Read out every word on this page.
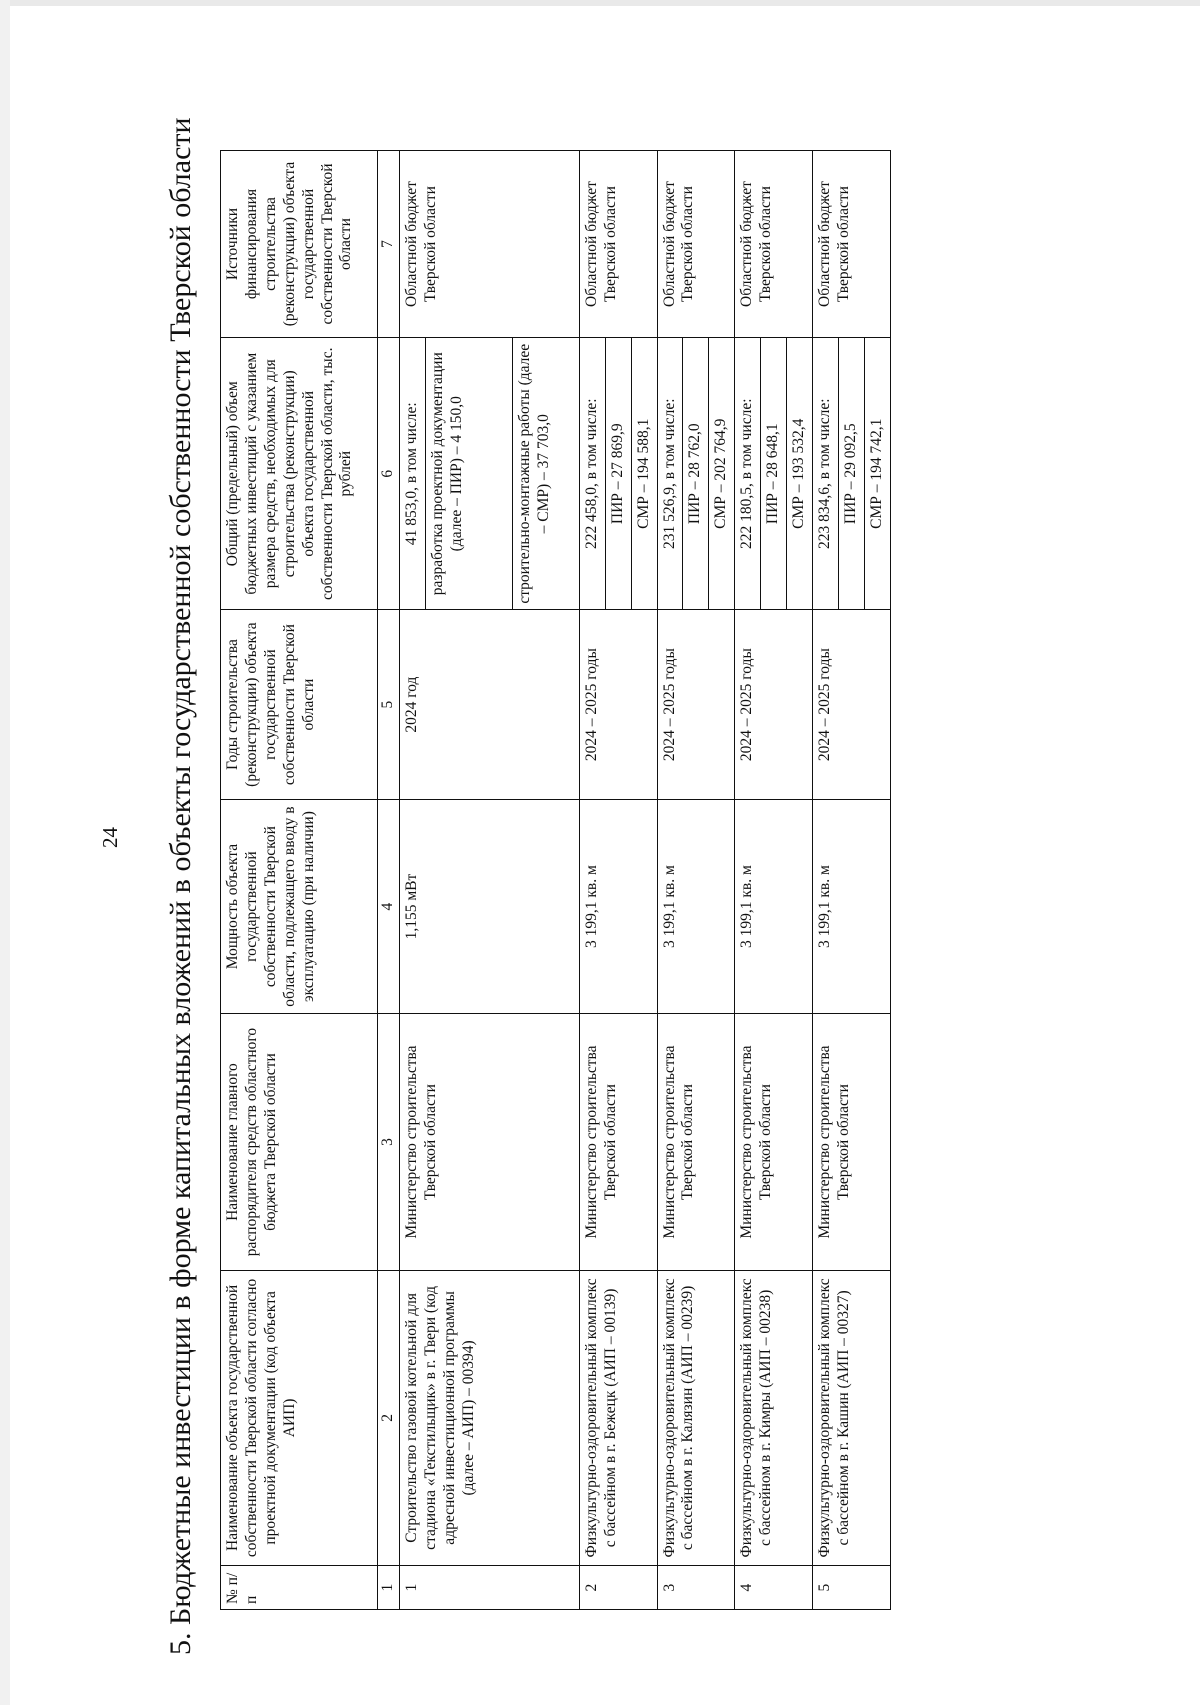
24 5. Бюджетные инвестиции в форме капитальных вложений в объекты государственной собственности Тверской области	№ п/п	Наименование объекта государственной собственности Тверской области согласно проектной документации (код объекта АИП)	Наименование главного распорядителя средств областного бюджета Тверской области	Мощность объекта государственной собственности Тверской области, подлежащего вводу в эксплуатацию (при наличии)	Годы строительства (реконструкции) объекта государственной собственности Тверской области	Общий (предельный) объем бюджетных инвестиций с указанием размера средств, необходимых для строительства (реконструкции) объекта государственной собственности Тверской области, тыс. рублей	Источники финансирования строительства (реконструкции) объекта государственной собственности Тверской области
1	2	3	4	5	6	7
1	Строительство газовой котельной для стадиона «Текстильщик» в г. Твери (код адресной инвестиционной программы (далее – АИП) – 00394)	Министерство строительства Тверской области	1,155 мВт	2024 год	41 853,0, в том числе:	Областной бюджет Тверской области
					разработка проектной документации (далее – ПИР) – 4 150,0	
					строительно-монтажные работы (далее – СМР) – 37 703,0	
2	Физкультурно-оздоровительный комплекс с бассейном в г. Бежецк (АИП – 00139)	Министерство строительства Тверской области	3 199,1 кв. м	2024 – 2025 годы	222 458,0, в том числе:	Областной бюджет Тверской области
					ПИР – 27 869,9	
					СМР – 194 588,1	
3	Физкультурно-оздоровительный комплекс с бассейном в г. Калязин (АИП – 00239)	Министерство строительства Тверской области	3 199,1 кв. м	2024 – 2025 годы	231 526,9, в том числе:	Областной бюджет Тверской области
					ПИР – 28 762,0	
					СМР – 202 764,9	
4	Физкультурно-оздоровительный комплекс с бассейном в г. Кимры (АИП – 00238)	Министерство строительства Тверской области	3 199,1 кв. м	2024 – 2025 годы	222 180,5, в том числе:	Областной бюджет Тверской области
					ПИР – 28 648,1	
					СМР – 193 532,4	
5	Физкультурно-оздоровительный комплекс с бассейном в г. Кашин (АИП – 00327)	Министерство строительства Тверской области	3 199,1 кв. м	2024 – 2025 годы	223 834,6, в том числе:	Областной бюджет Тверской области
					ПИР – 29 092,5	
					СМР – 194 742,1	
